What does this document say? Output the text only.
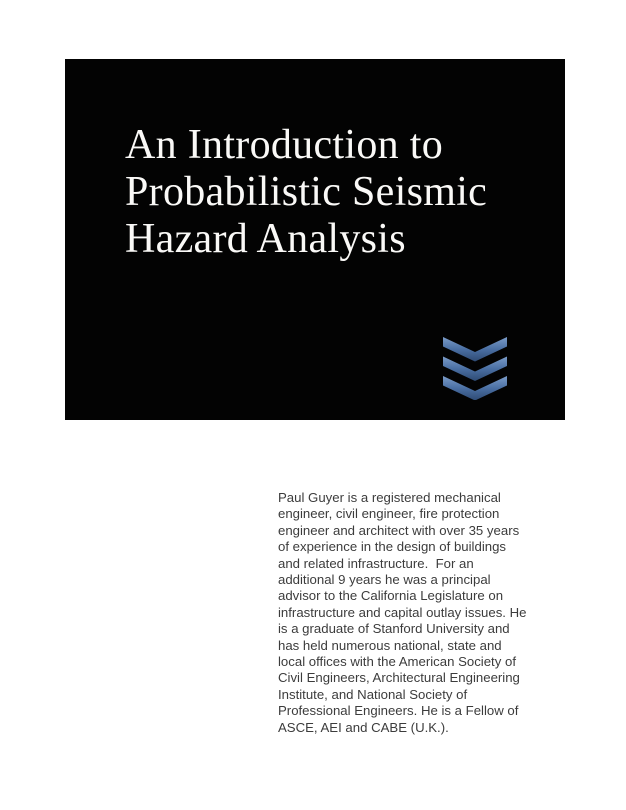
An Introduction to
Probabilistic Seismic
Hazard Analysis
Paul Guyer is a registered mechanical
engineer, civil engineer, fire protection
engineer and architect with over 35 years
of experience in the design of buildings
and related infrastructure.  For an
additional 9 years he was a principal
advisor to the California Legislature on
infrastructure and capital outlay issues. He
is a graduate of Stanford University and
has held numerous national, state and
local offices with the American Society of
Civil Engineers, Architectural Engineering
Institute, and National Society of
Professional Engineers. He is a Fellow of
ASCE, AEI and CABE (U.K.).
